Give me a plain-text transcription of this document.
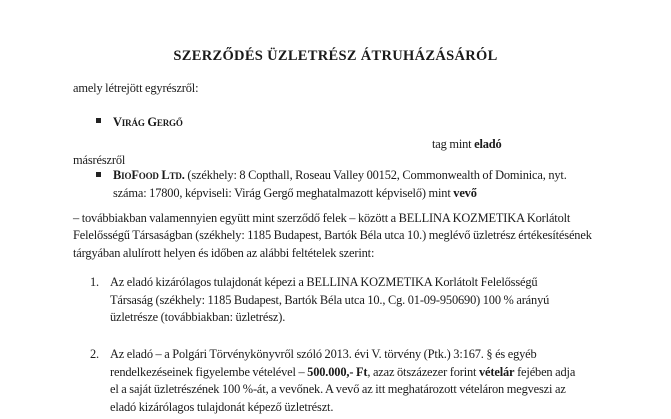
SZERZŐDÉS ÜZLETRÉSZ ÁTRUHÁZÁSÁRÓL
amely létrejött egyrészről:
Virág Gergő
tag mint eladó
másrészről
BioFood Ltd. (székhely: 8 Copthall, Roseau Valley 00152, Commonwealth of Dominica, nyt.
száma: 17800, képviseli: Virág Gergő meghatalmazott képviselő) mint vevő
– továbbiakban valamennyien együtt mint szerződő felek – között a BELLINA KOZMETIKA Korlátolt
Felelősségű Társaságban (székhely: 1185 Budapest, Bartók Béla utca 10.) meglévő üzletrész értékesítésének
tárgyában alulírott helyen és időben az alábbi feltételek szerint:
1. Az eladó kizárólagos tulajdonát képezi a BELLINA KOZMETIKA Korlátolt Felelősségű
Társaság (székhely: 1185 Budapest, Bartók Béla utca 10., Cg. 01-09-950690) 100 % arányú
üzletrésze (továbbiakban: üzletrész).
2. Az eladó – a Polgári Törvénykönyvről szóló 2013. évi V. törvény (Ptk.) 3:167. § és egyéb
rendelkezéseinek figyelembe vételével – 500.000,- Ft, azaz ötszázezer forint vételár fejében adja
el a saját üzletrészének 100 %-át, a vevőnek. A vevő az itt meghatározott vételáron megveszi az
eladó kizárólagos tulajdonát képező üzletrészt.
